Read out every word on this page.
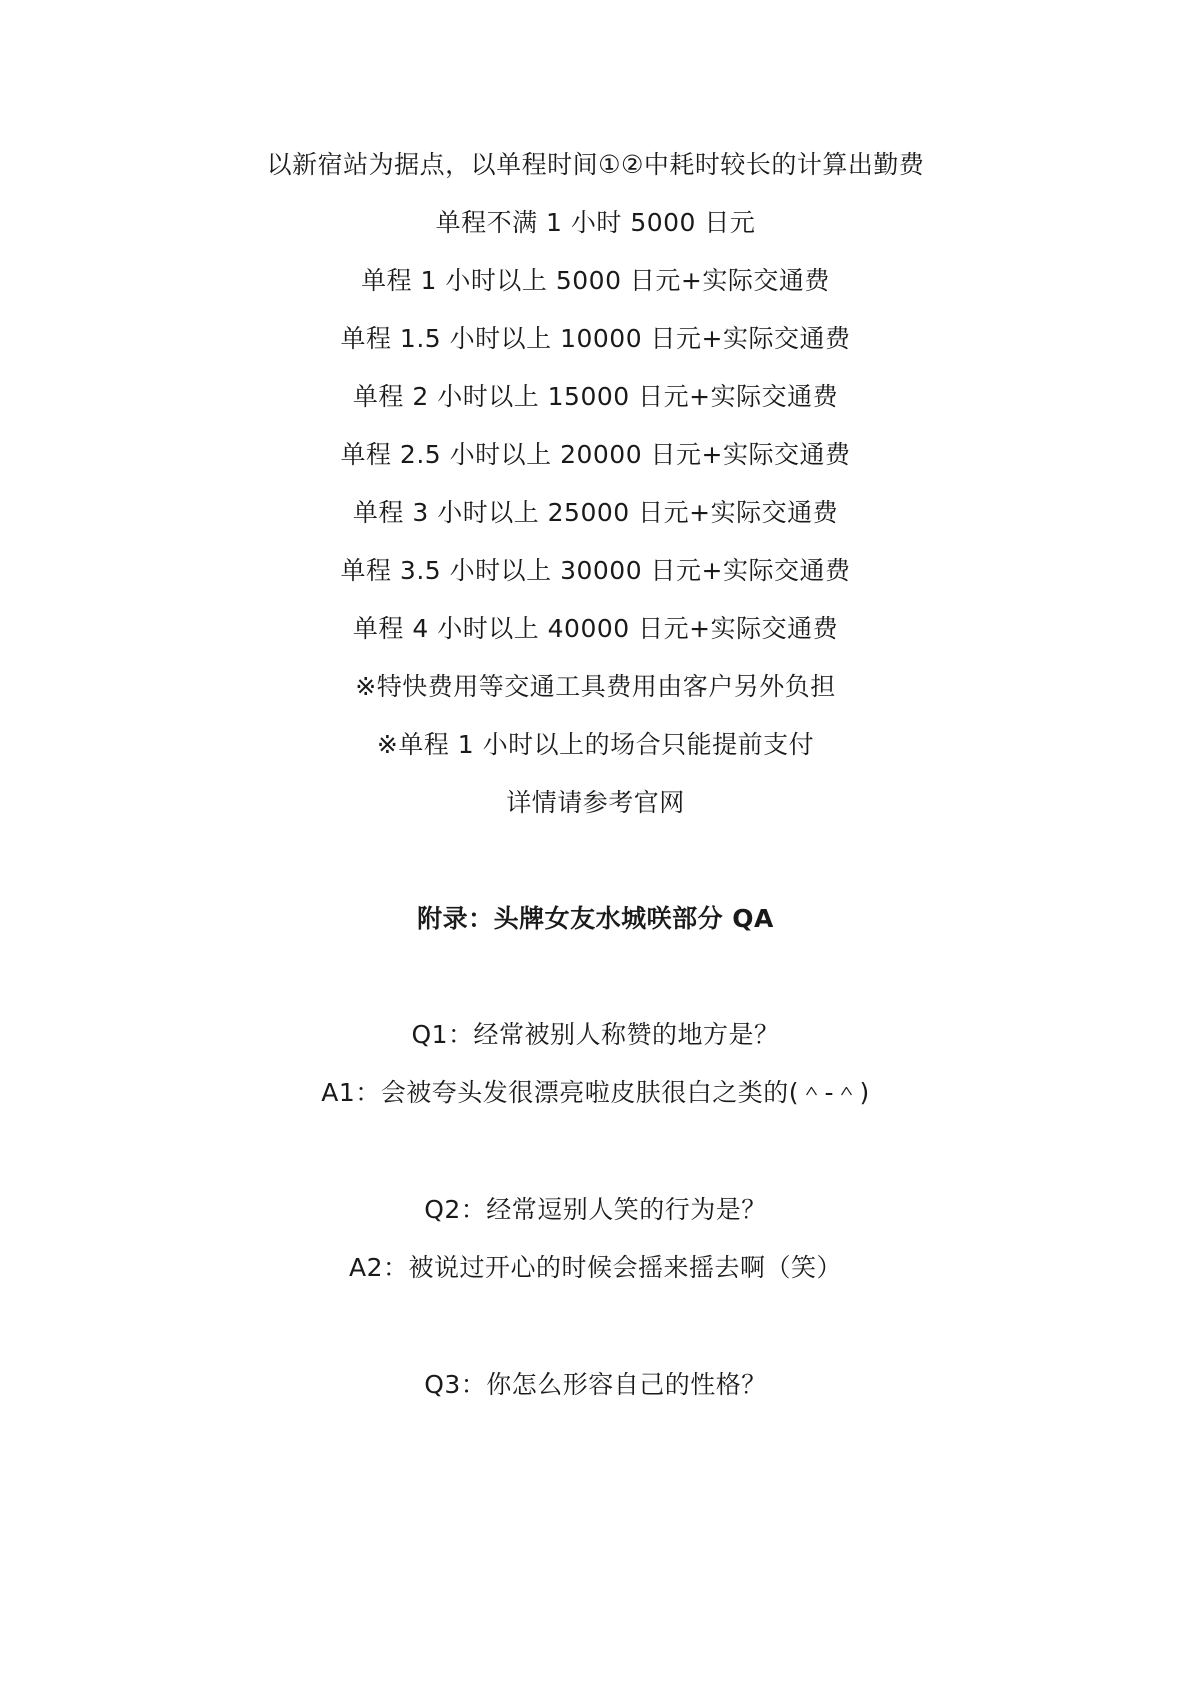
以新宿站为据点，以单程时间①②中耗时较长的计算出勤费
单程不满 1 小时 5000 日元
单程 1 小时以上 5000 日元+实际交通费
单程 1.5 小时以上 10000 日元+实际交通费
单程 2 小时以上 15000 日元+实际交通费
单程 2.5 小时以上 20000 日元+实际交通费
单程 3 小时以上 25000 日元+实际交通费
单程 3.5 小时以上 30000 日元+实际交通费
单程 4 小时以上 40000 日元+实际交通费
※特快费用等交通工具费用由客户另外负担
※单程 1 小时以上的场合只能提前支付
详情请参考官网
附录：头牌女友水城咲部分 QA
Q1：经常被别人称赞的地方是？
A1：会被夸头发很漂亮啦皮肤很白之类的(＾-＾)
Q2：经常逗别人笑的行为是？
A2：被说过开心的时候会摇来摇去啊（笑）
Q3：你怎么形容自己的性格？
